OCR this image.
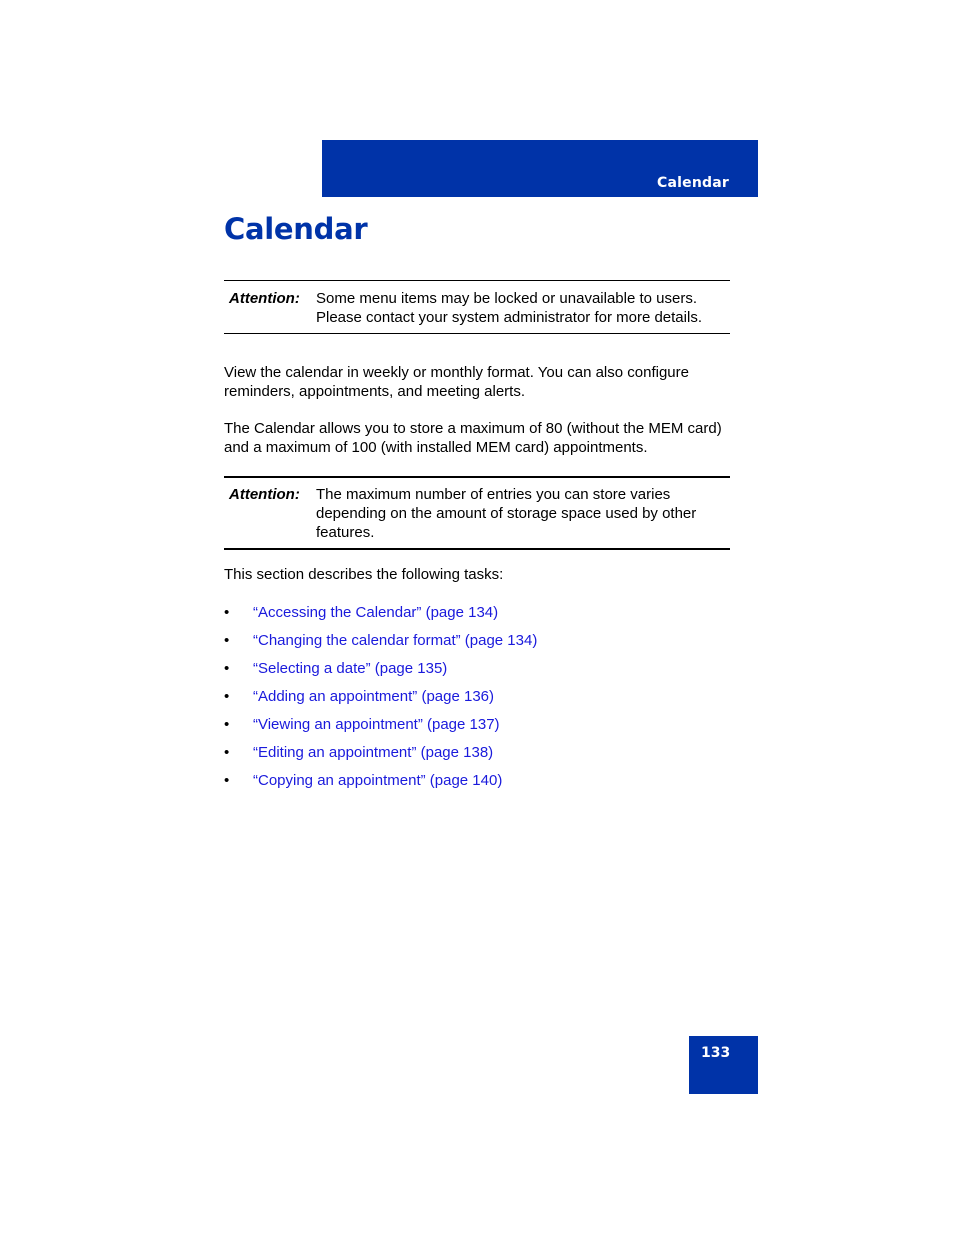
Calendar
Calendar
Attention: Some menu items may be locked or unavailable to users. Please contact your system administrator for more details.

View the calendar in weekly or monthly format. You can also configure reminders, appointments, and meeting alerts.

The Calendar allows you to store a maximum of 80 (without the MEM card) and a maximum of 100 (with installed MEM card) appointments.

Attention: The maximum number of entries you can store varies depending on the amount of storage space used by other features.

This section describes the following tasks:

• “Accessing the Calendar” (page 134)
• “Changing the calendar format” (page 134)
• “Selecting a date” (page 135)
• “Adding an appointment” (page 136)
• “Viewing an appointment” (page 137)
• “Editing an appointment” (page 138)
• “Copying an appointment” (page 140)
133
